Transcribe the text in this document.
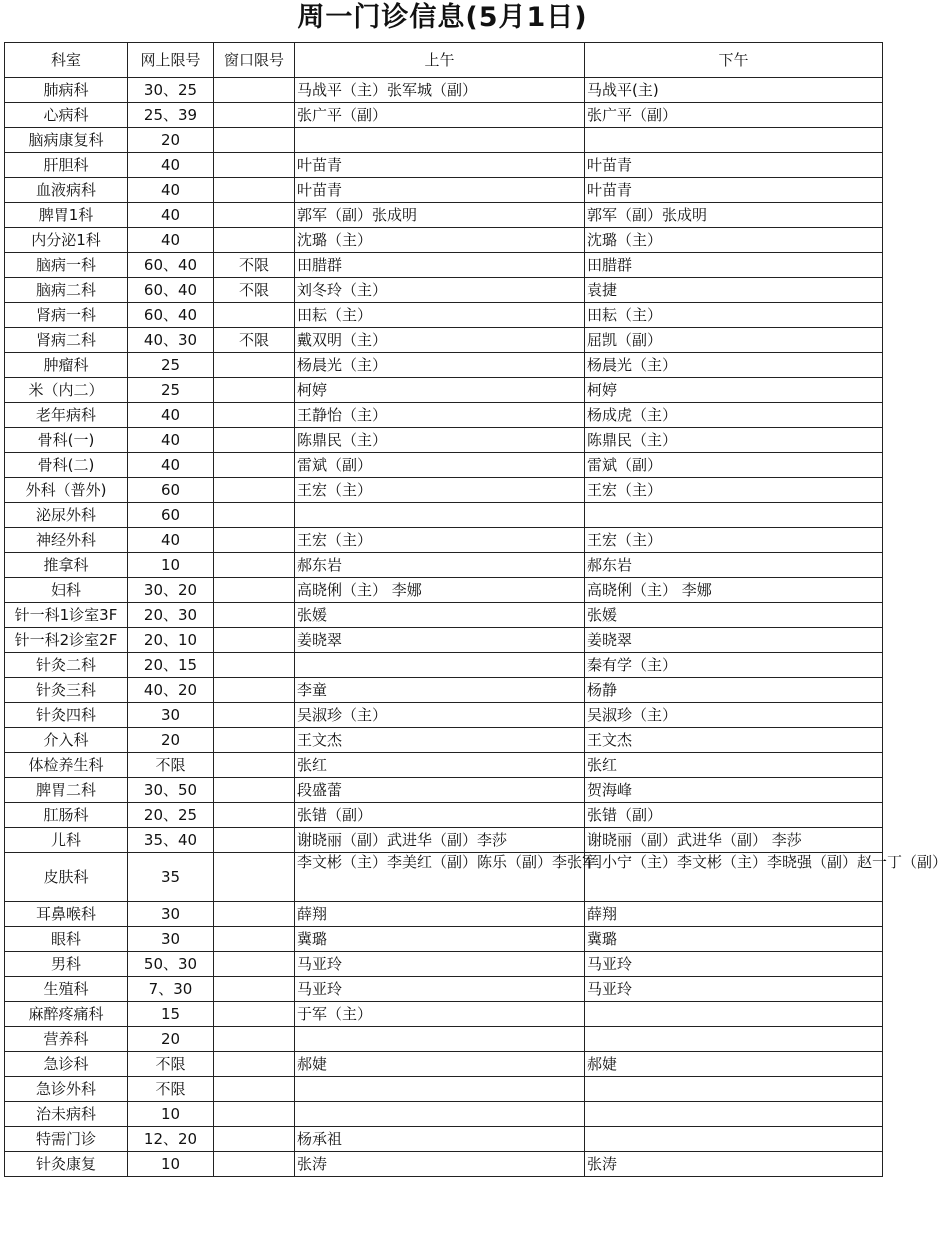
周一门诊信息(5月1日)
科室	网上限号	窗口限号	上午	下午
肺病科	30、25		马战平（主）张军城（副）	马战平(主)
心病科	25、39		张广平（副）	张广平（副）
脑病康复科	20			
肝胆科	40		叶苗青	叶苗青
血液病科	40		叶苗青	叶苗青
脾胃1科	40		郭军（副）张成明	郭军（副）张成明
内分泌1科	40		沈璐（主）	沈璐（主）
脑病一科	60、40	不限	田腊群	田腊群
脑病二科	60、40	不限	刘冬玲（主）	袁捷
肾病一科	60、40		田耘（主）	田耘（主）
肾病二科	40、30	不限	戴双明（主）	屈凯（副）
肿瘤科	25		杨晨光（主）	杨晨光（主）
米（内二）	25		柯婷	柯婷
老年病科	40		王静怡（主）	杨成虎（主）
骨科(一)	40		陈鼎民（主）	陈鼎民（主）
骨科(二)	40		雷斌（副）	雷斌（副）
外科（普外)	60		王宏（主）	王宏（主）
泌尿外科	60			
神经外科	40		王宏（主）	王宏（主）
推拿科	10		郝东岩	郝东岩
妇科	30、20		高晓俐（主） 李娜	高晓俐（主） 李娜
针一科1诊室3F	20、30		张媛	张媛
针一科2诊室2F	20、10		姜晓翠	姜晓翠
针灸二科	20、15			秦有学（主）
针灸三科	40、20		李童	杨静
针灸四科	30		吴淑珍（主）	吴淑珍（主）
介入科	20		王文杰	王文杰
体检养生科	不限		张红	张红
脾胃二科	30、50		段盛蕾	贺海峰
肛肠科	20、25		张错（副）	张错（副）
儿科	35、40		谢晓丽（副）武进华（副）李莎	谢晓丽（副）武进华（副） 李莎
皮肤科	35		李文彬（主）李美红（副）陈乐（副）李张军	闫小宁（主）李文彬（主）李晓强（副）赵一丁（副）
耳鼻喉科	30		薛翔	薛翔
眼科	30		冀璐	冀璐
男科	50、30		马亚玲	马亚玲
生殖科	7、30		马亚玲	马亚玲
麻醉疼痛科	15		于军（主）	
营养科	20			
急诊科	不限		郝婕	郝婕
急诊外科	不限			
治未病科	10			
特需门诊	12、20		杨承祖	
针灸康复	10		张涛	张涛
